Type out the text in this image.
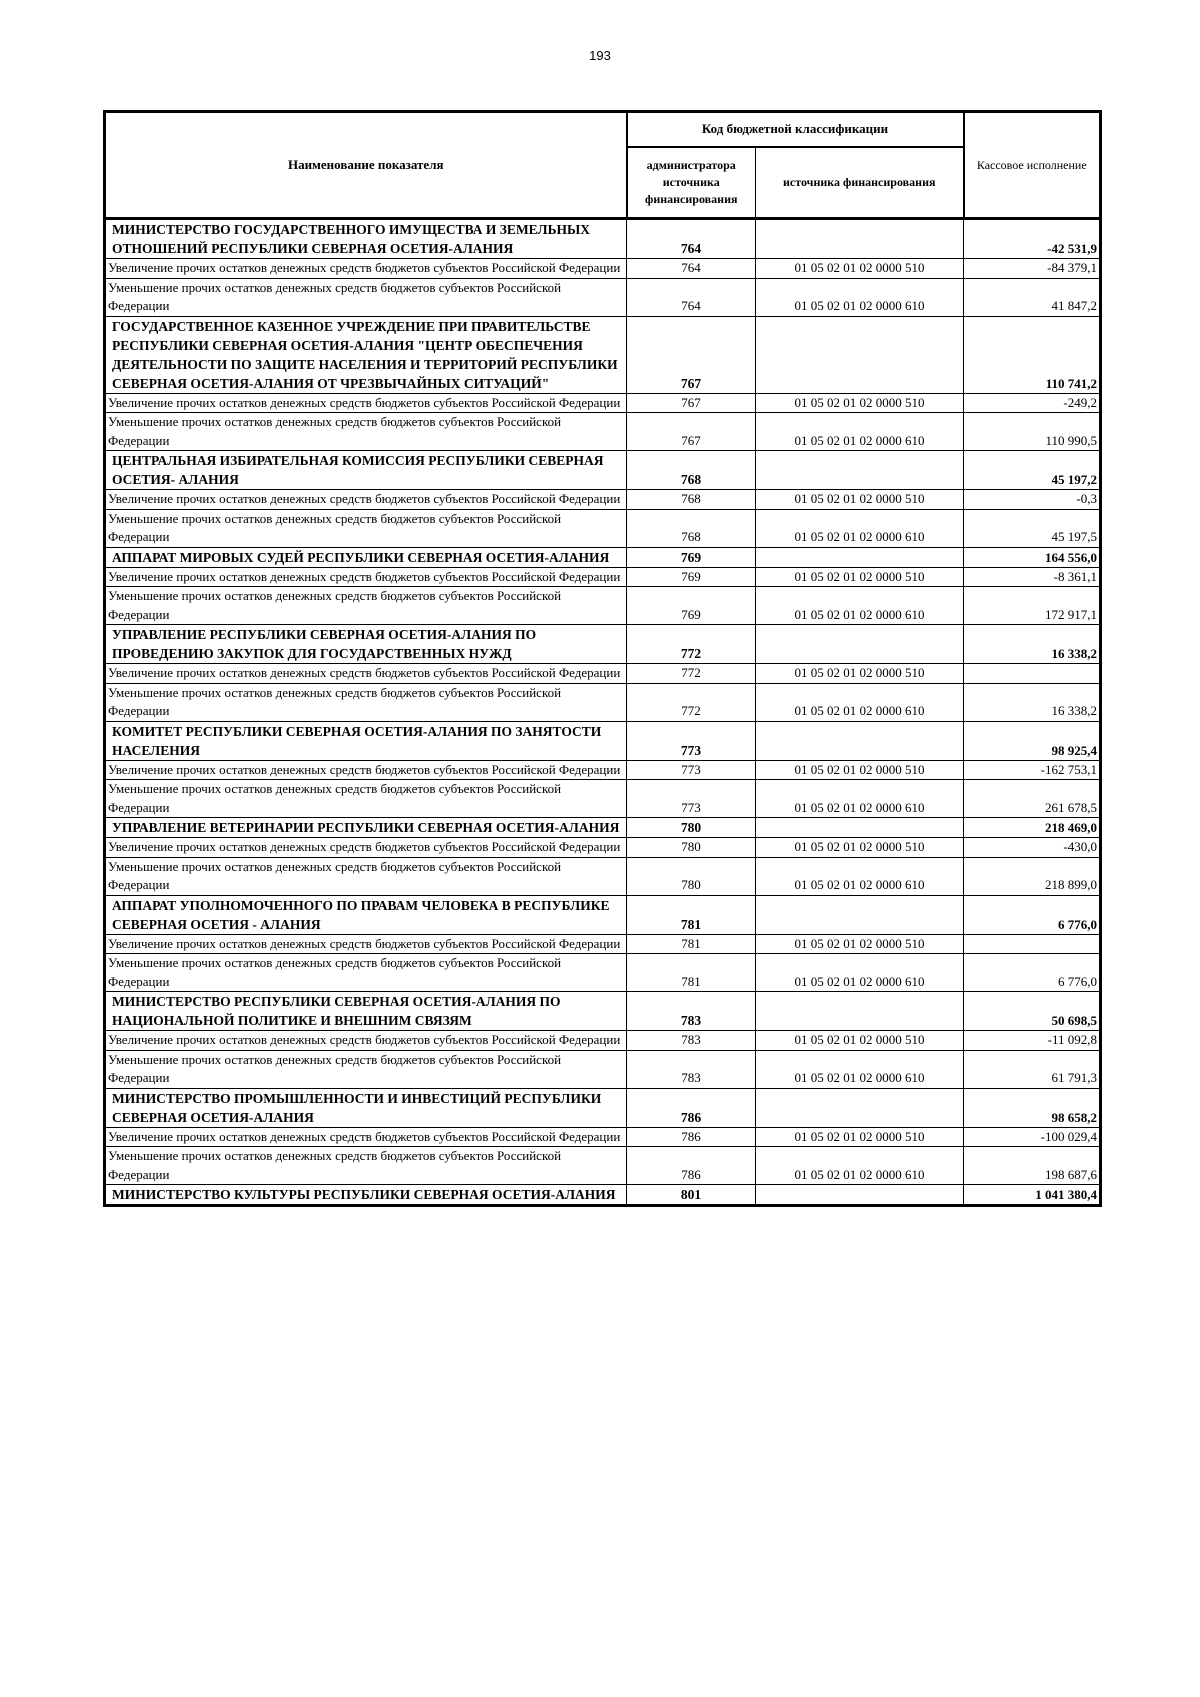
193
Наименование показателя	Код бюджетной классификации		Кассовое исполнение
	администратора источника финансирования	источника финансирования	
МИНИСТЕРСТВО ГОСУДАРСТВЕННОГО ИМУЩЕСТВА И ЗЕМЕЛЬНЫХ ОТНОШЕНИЙ РЕСПУБЛИКИ СЕВЕРНАЯ ОСЕТИЯ-АЛАНИЯ	764		-42 531,9
Увеличение прочих остатков денежных средств бюджетов субъектов Российской Федерации	764	01 05 02 01 02 0000 510	-84 379,1
Уменьшение прочих остатков денежных средств бюджетов субъектов Российской Федерации	764	01 05 02 01 02 0000 610	41 847,2
ГОСУДАРСТВЕННОЕ КАЗЕННОЕ УЧРЕЖДЕНИЕ ПРИ ПРАВИТЕЛЬСТВЕ РЕСПУБЛИКИ СЕВЕРНАЯ ОСЕТИЯ-АЛАНИЯ "ЦЕНТР ОБЕСПЕЧЕНИЯ ДЕЯТЕЛЬНОСТИ ПО ЗАЩИТЕ НАСЕЛЕНИЯ И ТЕРРИТОРИЙ РЕСПУБЛИКИ СЕВЕРНАЯ ОСЕТИЯ-АЛАНИЯ ОТ ЧРЕЗВЫЧАЙНЫХ СИТУАЦИЙ"	767		110 741,2
Увеличение прочих остатков денежных средств бюджетов субъектов Российской Федерации	767	01 05 02 01 02 0000 510	-249,2
Уменьшение прочих остатков денежных средств бюджетов субъектов Российской Федерации	767	01 05 02 01 02 0000 610	110 990,5
ЦЕНТРАЛЬНАЯ ИЗБИРАТЕЛЬНАЯ КОМИССИЯ РЕСПУБЛИКИ СЕВЕРНАЯ ОСЕТИЯ- АЛАНИЯ	768		45 197,2
Увеличение прочих остатков денежных средств бюджетов субъектов Российской Федерации	768	01 05 02 01 02 0000 510	-0,3
Уменьшение прочих остатков денежных средств бюджетов субъектов Российской Федерации	768	01 05 02 01 02 0000 610	45 197,5
АППАРАТ МИРОВЫХ СУДЕЙ РЕСПУБЛИКИ СЕВЕРНАЯ ОСЕТИЯ-АЛАНИЯ	769		164 556,0
Увеличение прочих остатков денежных средств бюджетов субъектов Российской Федерации	769	01 05 02 01 02 0000 510	-8 361,1
Уменьшение прочих остатков денежных средств бюджетов субъектов Российской Федерации	769	01 05 02 01 02 0000 610	172 917,1
УПРАВЛЕНИЕ РЕСПУБЛИКИ СЕВЕРНАЯ ОСЕТИЯ-АЛАНИЯ ПО ПРОВЕДЕНИЮ ЗАКУПОК ДЛЯ ГОСУДАРСТВЕННЫХ НУЖД	772		16 338,2
Увеличение прочих остатков денежных средств бюджетов субъектов Российской Федерации	772	01 05 02 01 02 0000 510	
Уменьшение прочих остатков денежных средств бюджетов субъектов Российской Федерации	772	01 05 02 01 02 0000 610	16 338,2
КОМИТЕТ РЕСПУБЛИКИ СЕВЕРНАЯ ОСЕТИЯ-АЛАНИЯ ПО ЗАНЯТОСТИ НАСЕЛЕНИЯ	773		98 925,4
Увеличение прочих остатков денежных средств бюджетов субъектов Российской Федерации	773	01 05 02 01 02 0000 510	-162 753,1
Уменьшение прочих остатков денежных средств бюджетов субъектов Российской Федерации	773	01 05 02 01 02 0000 610	261 678,5
УПРАВЛЕНИЕ ВЕТЕРИНАРИИ РЕСПУБЛИКИ СЕВЕРНАЯ ОСЕТИЯ-АЛАНИЯ	780		218 469,0
Увеличение прочих остатков денежных средств бюджетов субъектов Российской Федерации	780	01 05 02 01 02 0000 510	-430,0
Уменьшение прочих остатков денежных средств бюджетов субъектов Российской Федерации	780	01 05 02 01 02 0000 610	218 899,0
АППАРАТ УПОЛНОМОЧЕННОГО ПО ПРАВАМ ЧЕЛОВЕКА В РЕСПУБЛИКЕ СЕВЕРНАЯ ОСЕТИЯ - АЛАНИЯ	781		6 776,0
Увеличение прочих остатков денежных средств бюджетов субъектов Российской Федерации	781	01 05 02 01 02 0000 510	
Уменьшение прочих остатков денежных средств бюджетов субъектов Российской Федерации	781	01 05 02 01 02 0000 610	6 776,0
МИНИСТЕРСТВО РЕСПУБЛИКИ СЕВЕРНАЯ ОСЕТИЯ-АЛАНИЯ ПО НАЦИОНАЛЬНОЙ ПОЛИТИКЕ И ВНЕШНИМ СВЯЗЯМ	783		50 698,5
Увеличение прочих остатков денежных средств бюджетов субъектов Российской Федерации	783	01 05 02 01 02 0000 510	-11 092,8
Уменьшение прочих остатков денежных средств бюджетов субъектов Российской Федерации	783	01 05 02 01 02 0000 610	61 791,3
МИНИСТЕРСТВО ПРОМЫШЛЕННОСТИ И ИНВЕСТИЦИЙ РЕСПУБЛИКИ СЕВЕРНАЯ ОСЕТИЯ-АЛАНИЯ	786		98 658,2
Увеличение прочих остатков денежных средств бюджетов субъектов Российской Федерации	786	01 05 02 01 02 0000 510	-100 029,4
Уменьшение прочих остатков денежных средств бюджетов субъектов Российской Федерации	786	01 05 02 01 02 0000 610	198 687,6
МИНИСТЕРСТВО КУЛЬТУРЫ РЕСПУБЛИКИ СЕВЕРНАЯ ОСЕТИЯ-АЛАНИЯ	801		1 041 380,4
